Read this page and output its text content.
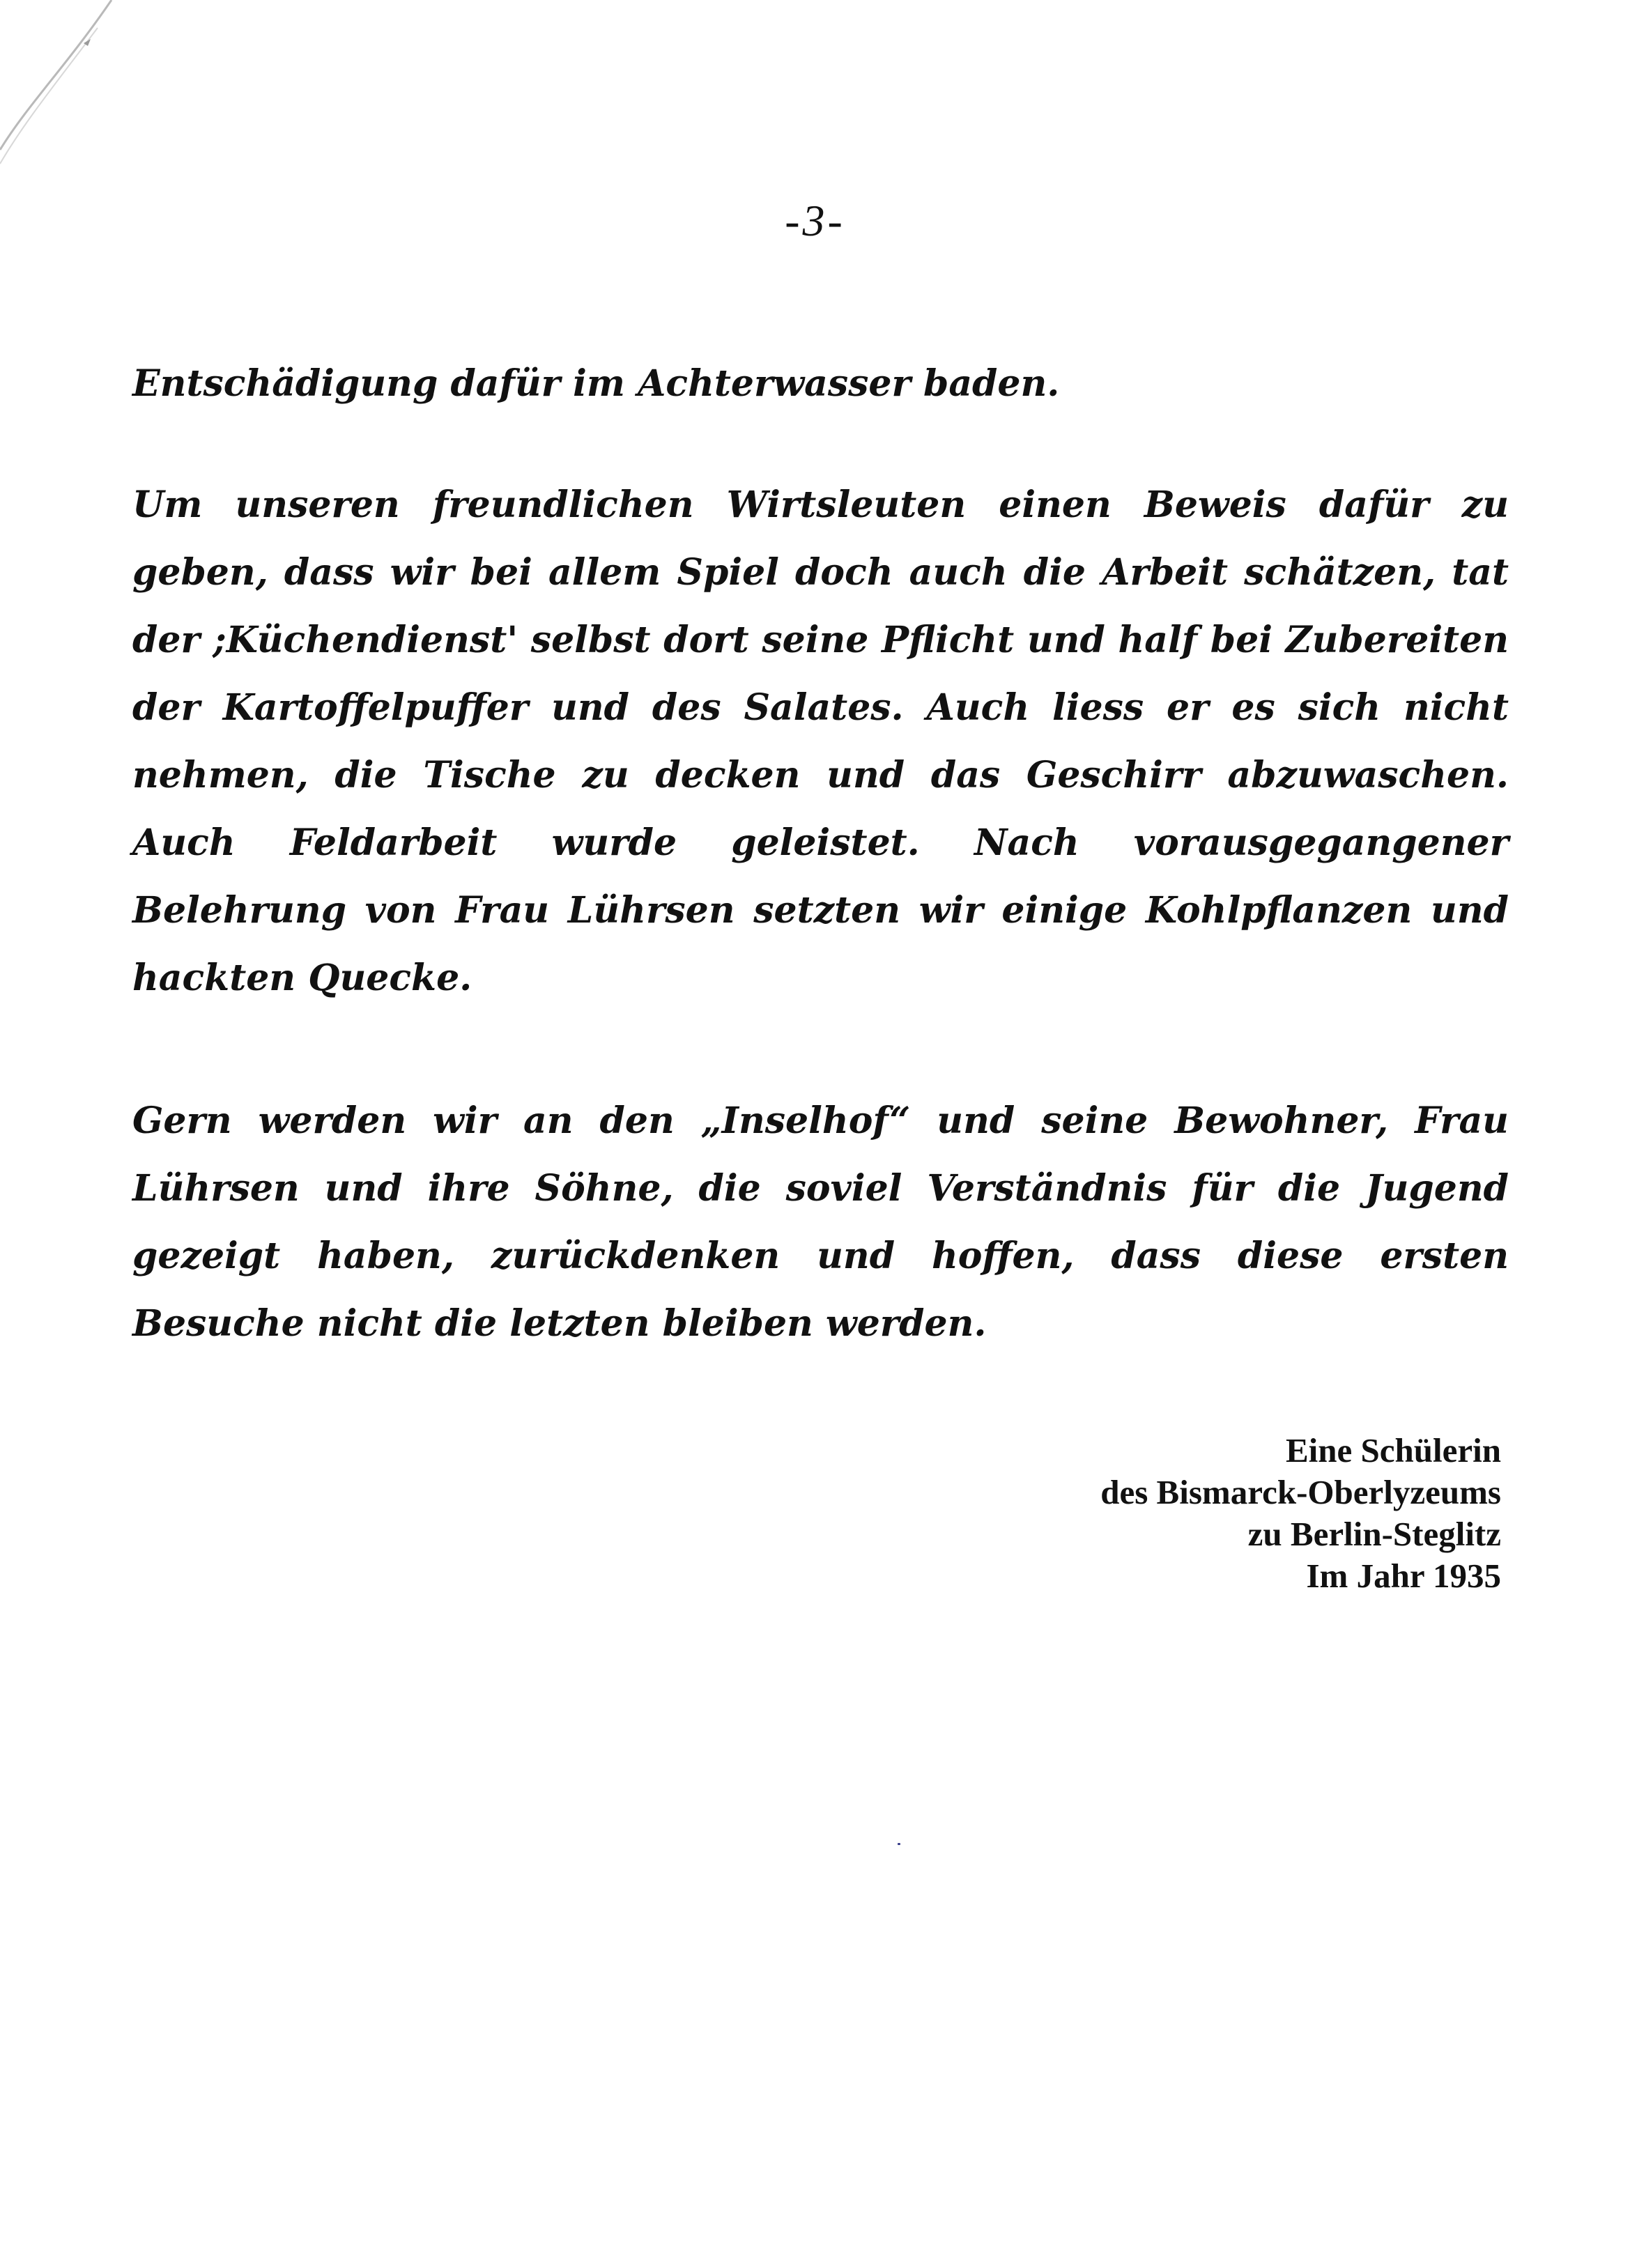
-3-

Entschädigung dafür im Achterwasser baden.

Um unseren freundlichen Wirtsleuten einen Beweis dafür zu geben, dass wir bei allem Spiel doch auch die Arbeit schätzen, tat der ;Küchendienst' selbst dort seine Pflicht und half bei Zubereiten der Kartoffelpuffer und des Salates. Auch liess er es sich nicht nehmen, die Tische zu decken und das Geschirr abzuwaschen. Auch Feldarbeit wurde geleistet. Nach vorausgegangener Belehrung von Frau Lührsen setzten wir einige Kohlpflanzen und hackten Quecke.

Gern werden wir an den „Inselhof“ und seine Bewohner, Frau Lührsen und ihre Söhne, die soviel Verständnis für die Jugend gezeigt haben, zurückdenken und hoffen, dass diese ersten Besuche nicht die letzten bleiben werden.

Eine Schülerin
des Bismarck-Oberlyzeums
zu Berlin-Steglitz
Im Jahr 1935
